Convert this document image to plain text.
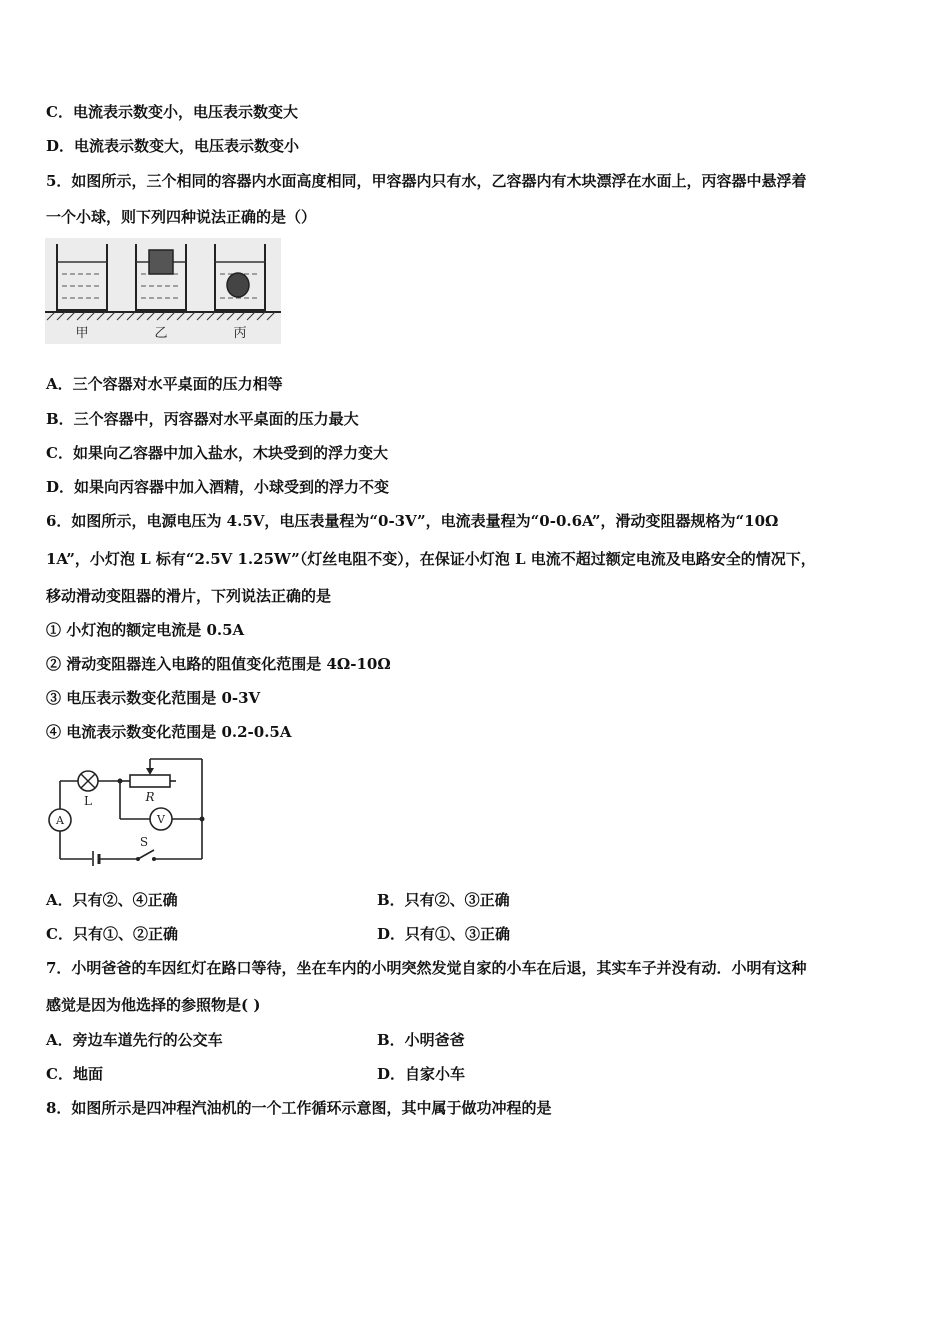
C．电流表示数变小，电压表示数变大
D．电流表示数变大，电压表示数变小
5．如图所示，三个相同的容器内水面高度相同，甲容器内只有水，乙容器内有木块漂浮在水面上，丙容器中悬浮着
一个小球，则下列四种说法正确的是（）
甲	乙	丙
A．三个容器对水平桌面的压力相等
B．三个容器中，丙容器对水平桌面的压力最大
C．如果向乙容器中加入盐水，木块受到的浮力变大
D．如果向丙容器中加入酒精，小球受到的浮力不变
6．如图所示，电源电压为 4.5V，电压表量程为“0-3V”，电流表量程为“0-0.6A”，滑动变阻器规格为“10Ω
1A”，小灯泡 L 标有“2.5V 1.25W”（灯丝电阻不变），在保证小灯泡 L 电流不超过额定电流及电路安全的情况下，
移动滑动变阻器的滑片，下列说法正确的是
① 小灯泡的额定电流是 0.5A
② 滑动变阻器连入电路的阻值变化范围是 4Ω-10Ω
③ 电压表示数变化范围是 0-3V
④ 电流表示数变化范围是 0.2-0.5A
L	R
V
A
S
A．只有②、④正确	B．只有②、③正确
C．只有①、②正确	D．只有①、③正确
7．小明爸爸的车因红灯在路口等待，坐在车内的小明突然发觉自家的小车在后退，其实车子并没有动．小明有这种
感觉是因为他选择的参照物是( )
A．旁边车道先行的公交车	B．小明爸爸
C．地面	D．自家小车
8．如图所示是四冲程汽油机的一个工作循环示意图，其中属于做功冲程的是
